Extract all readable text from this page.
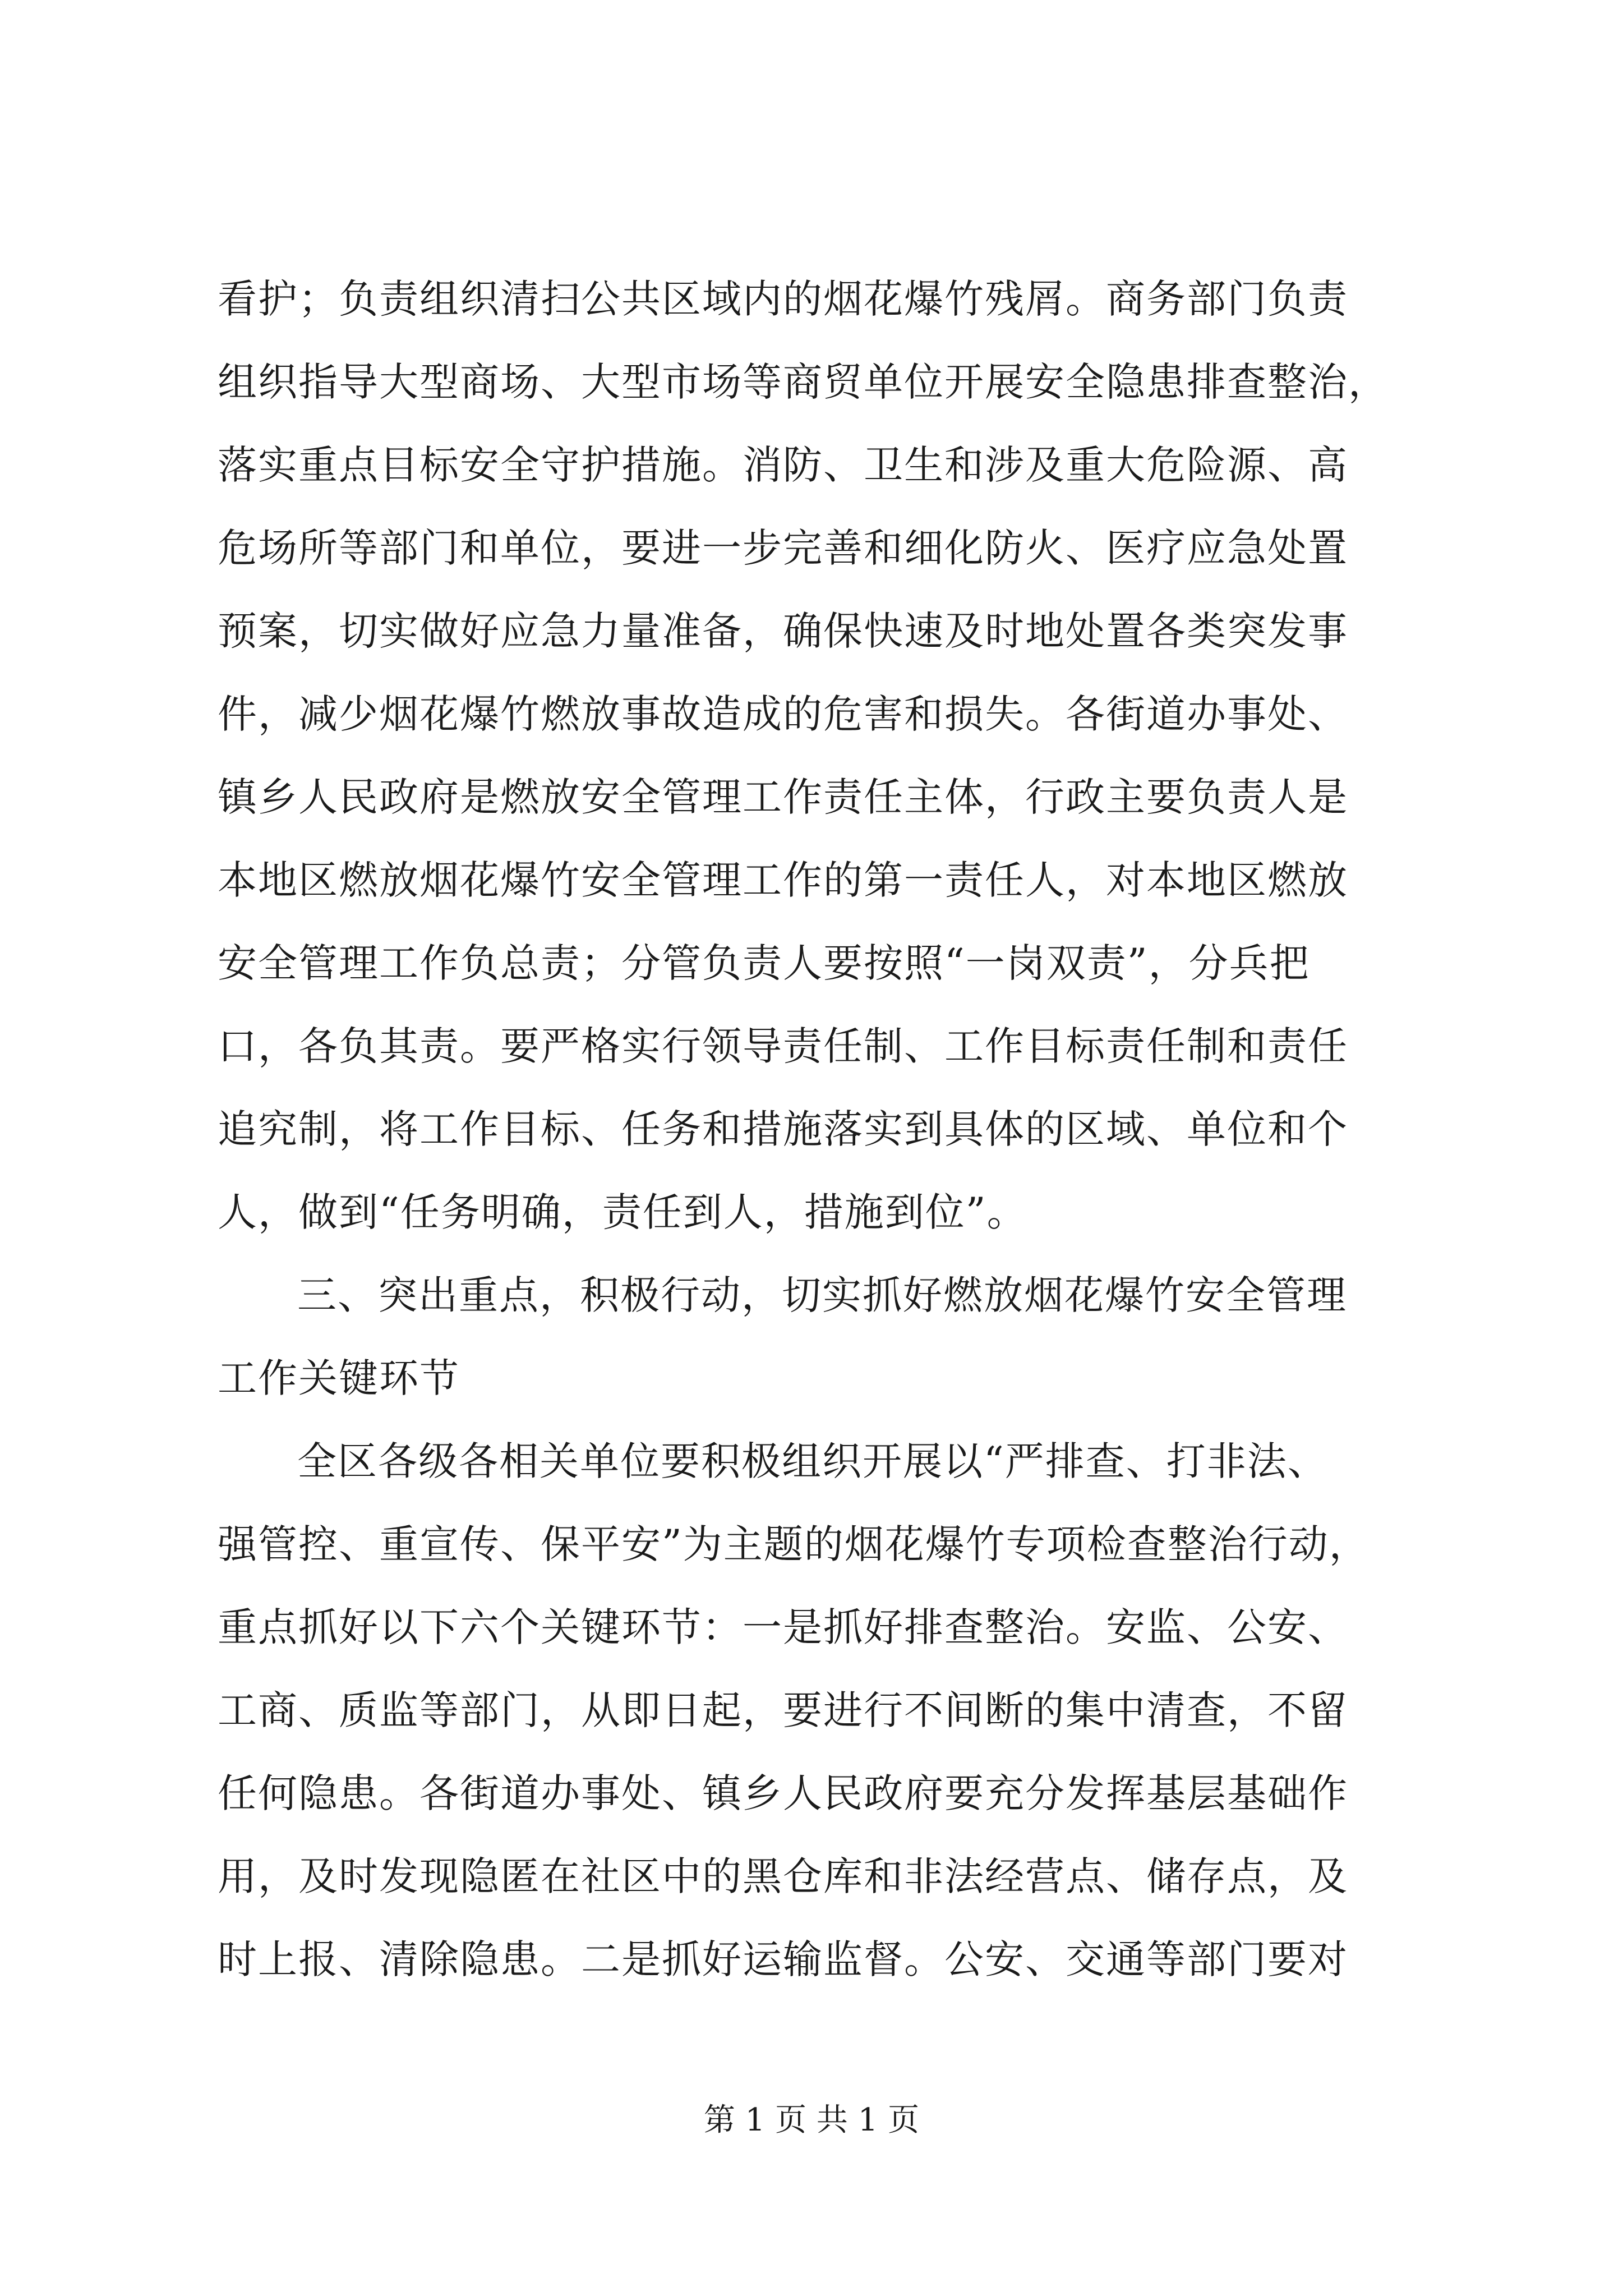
看护；负责组织清扫公共区域内的烟花爆竹残屑。商务部门负责
组织指导大型商场、大型市场等商贸单位开展安全隐患排查整治，
落实重点目标安全守护措施。消防、卫生和涉及重大危险源、高
危场所等部门和单位，要进一步完善和细化防火、医疗应急处置
预案，切实做好应急力量准备，确保快速及时地处置各类突发事
件，减少烟花爆竹燃放事故造成的危害和损失。各街道办事处、
镇乡人民政府是燃放安全管理工作责任主体，行政主要负责人是
本地区燃放烟花爆竹安全管理工作的第一责任人，对本地区燃放
安全管理工作负总责；分管负责人要按照“一岗双责”，分兵把
口，各负其责。要严格实行领导责任制、工作目标责任制和责任
追究制，将工作目标、任务和措施落实到具体的区域、单位和个
人，做到“任务明确，责任到人，措施到位”。
三、突出重点，积极行动，切实抓好燃放烟花爆竹安全管理
工作关键环节
全区各级各相关单位要积极组织开展以“严排查、打非法、
强管控、重宣传、保平安”为主题的烟花爆竹专项检查整治行动，
重点抓好以下六个关键环节：一是抓好排查整治。安监、公安、
工商、质监等部门，从即日起，要进行不间断的集中清查，不留
任何隐患。各街道办事处、镇乡人民政府要充分发挥基层基础作
用，及时发现隐匿在社区中的黑仓库和非法经营点、储存点，及
时上报、清除隐患。二是抓好运输监督。公安、交通等部门要对
第 1 页 共 1 页
